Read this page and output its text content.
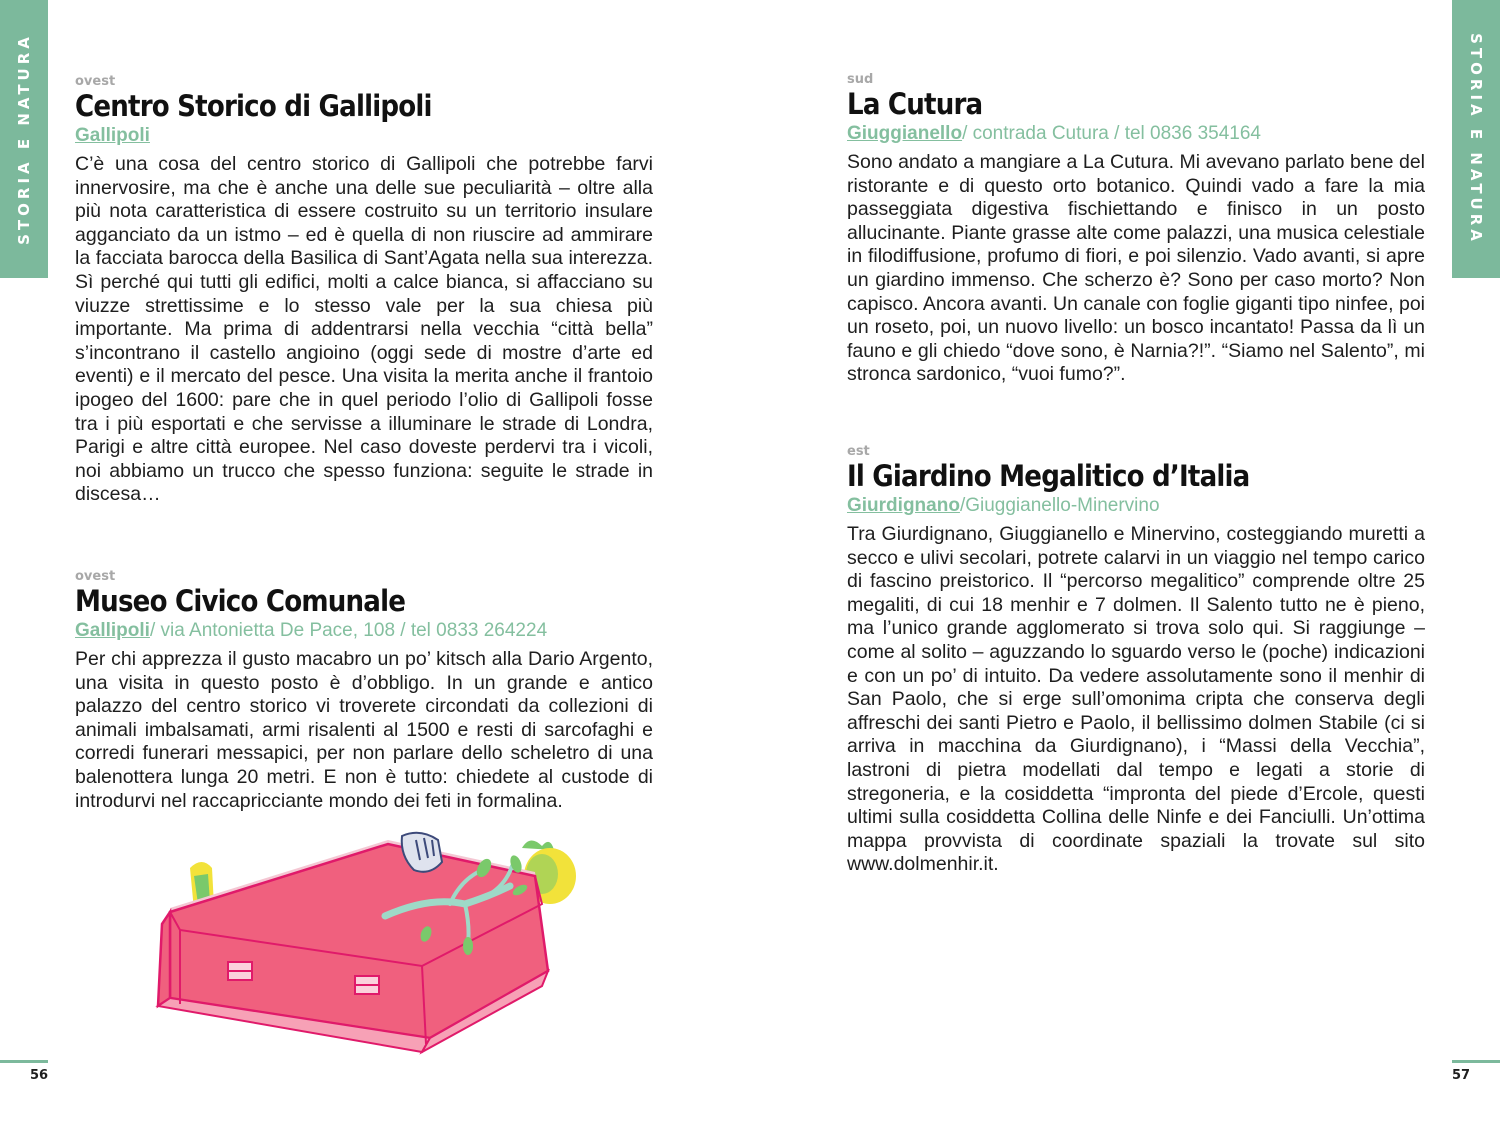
STORIA E NATURA	STORIA E NATURA
ovest
Centro Storico di Gallipoli
Gallipoli
C’è una cosa del centro storico di Gallipoli che potrebbe farvi innervosire, ma che è anche una delle sue peculiarità – oltre alla più nota caratteristica di essere costruito su un territorio insulare agganciato da un istmo – ed è quella di non riuscire ad ammirare la facciata barocca della Basilica di Sant’Agata nella sua interezza. Sì perché qui tutti gli edifici, molti a calce bianca, si affacciano su viuzze strettissime e lo stesso vale per la sua chiesa più importante. Ma prima di addentrarsi nella vecchia “città bella” s’incontrano il castello angioino (oggi sede di mostre d’arte ed eventi) e il mercato del pesce. Una visita la merita anche il frantoio ipogeo del 1600: pare che in quel periodo l’olio di Gallipoli fosse tra i più esportati e che servisse a illuminare le strade di Londra, Parigi e altre città europee. Nel caso doveste perdervi tra i vicoli, noi abbiamo un trucco che spesso funziona: seguite le strade in discesa…
ovest
Museo Civico Comunale
Gallipoli/ via Antonietta De Pace, 108 / tel 0833 264224
Per chi apprezza il gusto macabro un po’ kitsch alla Dario Argento, una visita in questo posto è d’obbligo. In un grande e antico palazzo del centro storico vi troverete circondati da collezioni di animali imbalsamati, armi risalenti al 1500 e resti di sarcofaghi e corredi funerari messapici, per non parlare dello scheletro di una balenottera lunga 20 metri. E non è tutto: chiedete al custode di introdurvi nel raccapricciante mondo dei feti in formalina.
sud
La Cutura
Giuggianello/ contrada Cutura / tel 0836 354164
Sono andato a mangiare a La Cutura. Mi avevano parlato bene del ristorante e di questo orto botanico. Quindi vado a fare la mia passeggiata digestiva fischiettando e finisco in un posto allucinante. Piante grasse alte come palazzi, una musica celestiale in filodiffusione, profumo di fiori, e poi silenzio. Vado avanti, si apre un giardino immenso. Che scherzo è? Sono per caso morto? Non capisco. Ancora avanti. Un canale con foglie giganti tipo ninfee, poi un roseto, poi, un nuovo livello: un bosco incantato! Passa da lì un fauno e gli chiedo “dove sono, è Narnia?!”. “Siamo nel Salento”, mi stronca sardonico, “vuoi fumo?”.
est
Il Giardino Megalitico d’Italia
Giurdignano/Giuggianello-Minervino
Tra Giurdignano, Giuggianello e Minervino, costeggiando muretti a secco e ulivi secolari, potrete calarvi in un viaggio nel tempo carico di fascino preistorico. Il “percorso megalitico” comprende oltre 25 megaliti, di cui 18 menhir e 7 dolmen. Il Salento tutto ne è pieno, ma l’unico grande agglomerato si trova solo qui. Si raggiunge – come al solito – aguzzando lo sguardo verso le (poche) indicazioni e con un po’ di intuito. Da vedere assolutamente sono il menhir di San Paolo, che si erge sull’omonima cripta che conserva degli affreschi dei santi Pietro e Paolo, il bellissimo dolmen Stabile (ci si arriva in macchina da Giurdignano), i “Massi della Vecchia”, lastroni di pietra modellati dal tempo e legati a storie di stregoneria, e la cosiddetta “impronta del piede d’Ercole, questi ultimi sulla cosiddetta Collina delle Ninfe e dei Fanciulli. Un’ottima mappa provvista di coordinate spaziali la trovate sul sito www.dolmenhir.it.
56	57
